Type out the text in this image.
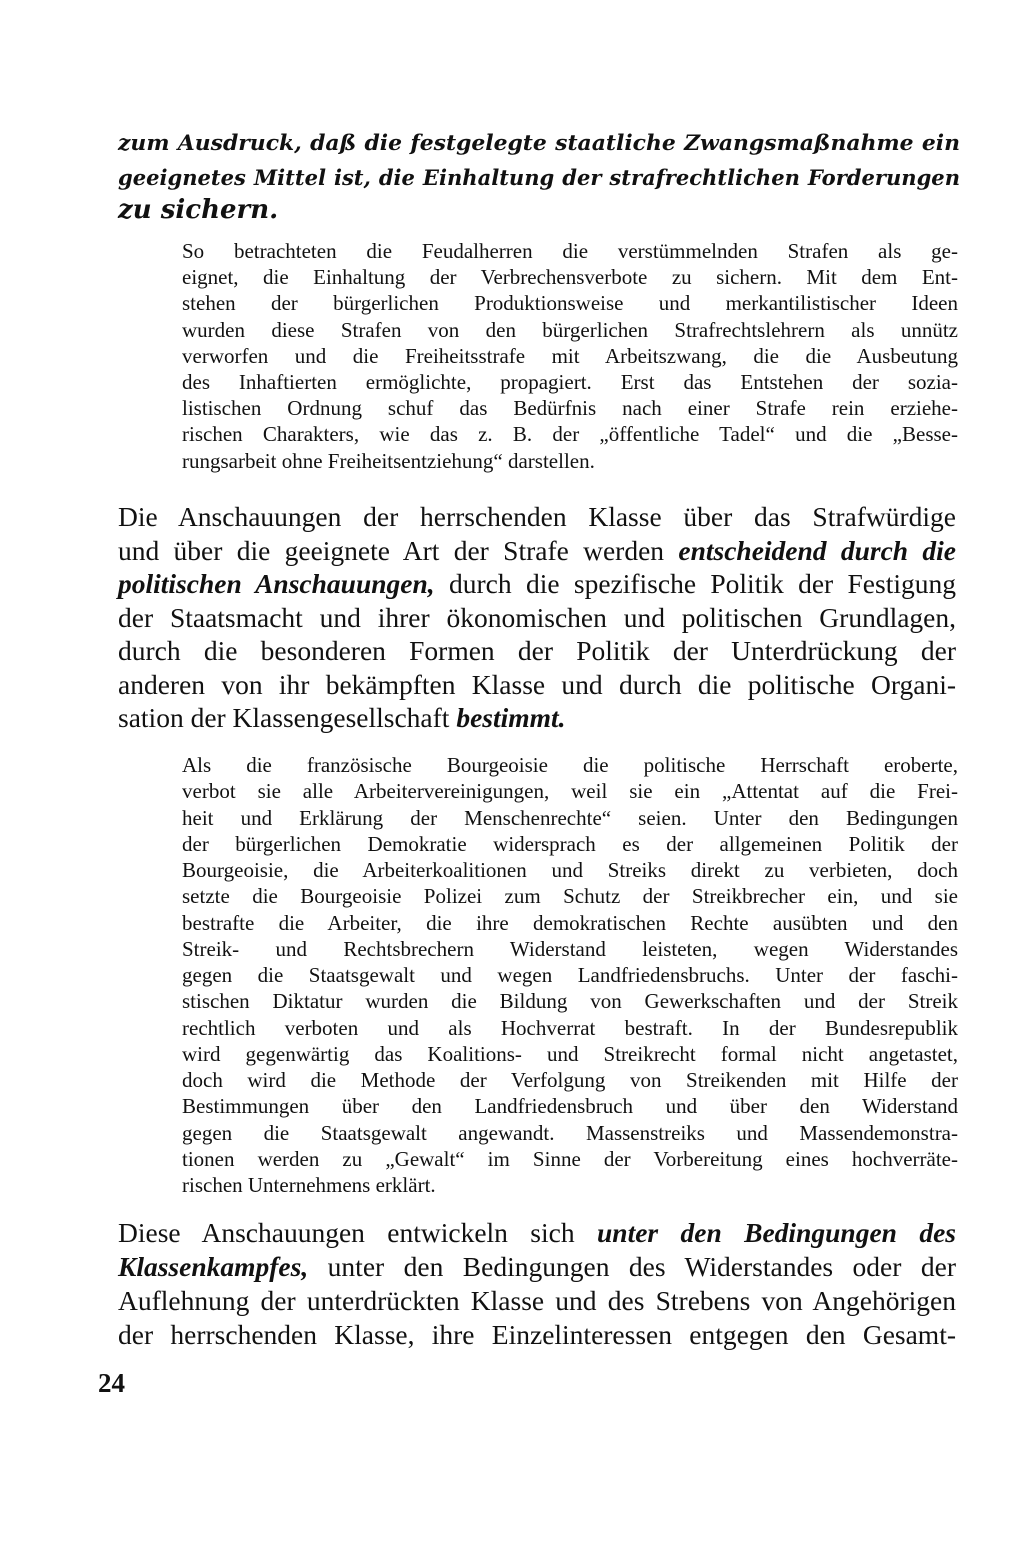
zum Ausdruck, daß die festgelegte staatliche Zwangsmaßnahme ein
geeignetes Mittel ist, die Einhaltung der strafrechtlichen Forderungen
zu sichern.
So betrachteten die Feudalherren die verstümmelnden Strafen als ge-
eignet, die Einhaltung der Verbrechensverbote zu sichern. Mit dem Ent-
stehen der bürgerlichen Produktionsweise und merkantilistischer Ideen
wurden diese Strafen von den bürgerlichen Strafrechtslehrern als unnütz
verworfen und die Freiheitsstrafe mit Arbeitszwang, die die Ausbeutung
des Inhaftierten ermöglichte, propagiert. Erst das Entstehen der sozia-
listischen Ordnung schuf das Bedürfnis nach einer Strafe rein erziehe-
rischen Charakters, wie das z. B. der „öffentliche Tadel“ und die „Besse-
rungsarbeit ohne Freiheitsentziehung“ darstellen.
Die Anschauungen der herrschenden Klasse über das Strafwürdige
und über die geeignete Art der Strafe werden entscheidend durch die
politischen Anschauungen, durch die spezifische Politik der Festigung
der Staatsmacht und ihrer ökonomischen und politischen Grundlagen,
durch die besonderen Formen der Politik der Unterdrückung der
anderen von ihr bekämpften Klasse und durch die politische Organi-
sation der Klassengesellschaft bestimmt.
Als die französische Bourgeoisie die politische Herrschaft eroberte,
verbot sie alle Arbeitervereinigungen, weil sie ein „Attentat auf die Frei-
heit und Erklärung der Menschenrechte“ seien. Unter den Bedingungen
der bürgerlichen Demokratie widersprach es der allgemeinen Politik der
Bourgeoisie, die Arbeiterkoalitionen und Streiks direkt zu verbieten, doch
setzte die Bourgeoisie Polizei zum Schutz der Streikbrecher ein, und sie
bestrafte die Arbeiter, die ihre demokratischen Rechte ausübten und den
Streik- und Rechtsbrechern Widerstand leisteten, wegen Widerstandes
gegen die Staatsgewalt und wegen Landfriedensbruchs. Unter der faschi-
stischen Diktatur wurden die Bildung von Gewerkschaften und der Streik
rechtlich verboten und als Hochverrat bestraft. In der Bundesrepublik
wird gegenwärtig das Koalitions- und Streikrecht formal nicht angetastet,
doch wird die Methode der Verfolgung von Streikenden mit Hilfe der
Bestimmungen über den Landfriedensbruch und über den Widerstand
gegen die Staatsgewalt angewandt. Massenstreiks und Massendemonstra-
tionen werden zu „Gewalt“ im Sinne der Vorbereitung eines hochverräte-
rischen Unternehmens erklärt.
Diese Anschauungen entwickeln sich unter den Bedingungen des
Klassenkampfes, unter den Bedingungen des Widerstandes oder der
Auflehnung der unterdrückten Klasse und des Strebens von Angehörigen
der herrschenden Klasse, ihre Einzelinteressen entgegen den Gesamt-
24
